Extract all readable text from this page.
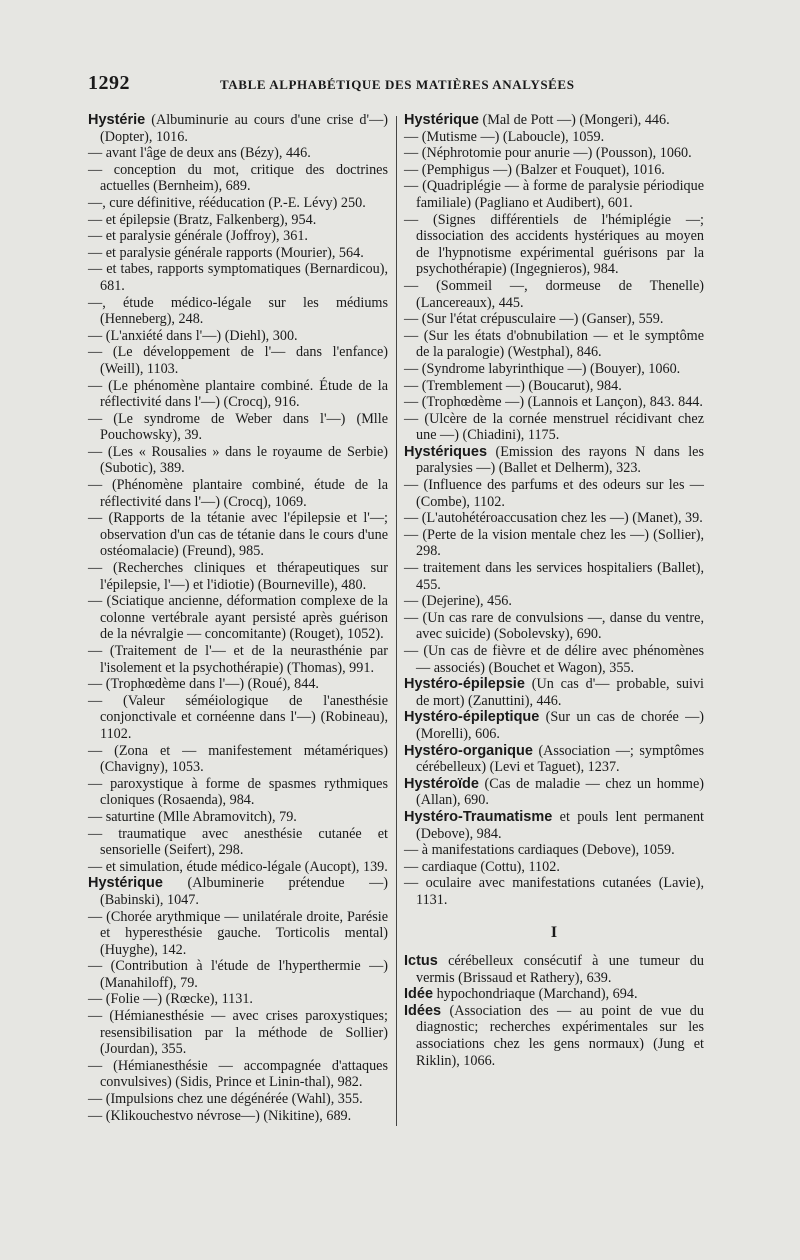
1292	TABLE ALPHABÉTIQUE DES MATIÈRES ANALYSÉES

Hystérie (Albuminurie au cours d'une crise d'—) (Dopter), 1016.

— avant l'âge de deux ans (Bézy), 446.

— conception du mot, critique des doctrines actuelles (Bernheim), 689.

—, cure définitive, rééducation (P.-E. Lévy) 250.

— et épilepsie (Bratz, Falkenberg), 954.

— et paralysie générale (Joffroy), 361.

— et paralysie générale rapports (Mourier), 564.

— et tabes, rapports symptomatiques (Bernardicou), 681.

—, étude médico-légale sur les médiums (Henneberg), 248.

— (L'anxiété dans l'—) (Diehl), 300.

— (Le développement de l'— dans l'enfance) (Weill), 1103.

— (Le phénomène plantaire combiné. Étude de la réflectivité dans l'—) (Crocq), 916.

— (Le syndrome de Weber dans l'—) (Mlle Pouchowsky), 39.

— (Les « Rousalies » dans le royaume de Serbie) (Subotic), 389.

— (Phénomène plantaire combiné, étude de la réflectivité dans l'—) (Crocq), 1069.

— (Rapports de la tétanie avec l'épilepsie et l'—; observation d'un cas de tétanie dans le cours d'une ostéomalacie) (Freund), 985.

— (Recherches cliniques et thérapeutiques sur l'épilepsie, l'—) et l'idiotie) (Bourneville), 480.

— (Sciatique ancienne, déformation complexe de la colonne vertébrale ayant persisté après guérison de la névralgie — concomitante) (Rouget), 1052).

— (Traitement de l'— et de la neurasthénie par l'isolement et la psychothérapie) (Thomas), 991.

— (Trophœdème dans l'—) (Roué), 844.

— (Valeur séméiologique de l'anesthésie conjonctivale et cornéenne dans l'—) (Robineau), 1102.

— (Zona et — manifestement métamériques) (Chavigny), 1053.

— paroxystique à forme de spasmes rythmiques cloniques (Rosaenda), 984.

— saturtine (Mlle Abramovitch), 79.

— traumatique avec anesthésie cutanée et sensorielle (Seifert), 298.

— et simulation, étude médico-légale (Aucopt), 139.

Hystérique (Albuminerie prétendue —) (Babinski), 1047.

— (Chorée arythmique — unilatérale droite, Parésie et hyperesthésie gauche. Torticolis mental) (Huyghe), 142.

— (Contribution à l'étude de l'hyperthermie —) (Manahiloff), 79.

— (Folie —) (Rœcke), 1131.

— (Hémianesthésie — avec crises paroxystiques; resensibilisation par la méthode de Sollier) (Jourdan), 355.

— (Hémianesthésie — accompagnée d'attaques convulsives) (Sidis, Prince et Linin-thal), 982.

— (Impulsions chez une dégénérée (Wahl), 355.

— (Klikouchestvo névrose—) (Nikitine), 689.

Hystérique (Mal de Pott —) (Mongeri), 446.

— (Mutisme —) (Laboucle), 1059.

— (Néphrotomie pour anurie —) (Pousson), 1060.

— (Pemphigus —) (Balzer et Fouquet), 1016.

— (Quadriplégie — à forme de paralysie périodique familiale) (Pagliano et Audibert), 601.

— (Signes différentiels de l'hémiplégie —; dissociation des accidents hystériques au moyen de l'hypnotisme expérimental guérisons par la psychothérapie) (Ingegnieros), 984.

— (Sommeil —, dormeuse de Thenelle) (Lancereaux), 445.

— (Sur l'état crépusculaire —) (Ganser), 559.

— (Sur les états d'obnubilation — et le symptôme de la paralogie) (Westphal), 846.

— (Syndrome labyrinthique —) (Bouyer), 1060.

— (Tremblement —) (Boucarut), 984.

— (Trophœdème —) (Lannois et Lançon), 843. 844.

— (Ulcère de la cornée menstruel récidivant chez une —) (Chiadini), 1175.

Hystériques (Emission des rayons N dans les paralysies —) (Ballet et Delherm), 323.

— (Influence des parfums et des odeurs sur les — (Combe), 1102.

— (L'autohétéroaccusation chez les —) (Manet), 39.

— (Perte de la vision mentale chez les —) (Sollier), 298.

— traitement dans les services hospitaliers (Ballet), 455.

— (Dejerine), 456.

— (Un cas rare de convulsions —, danse du ventre, avec suicide) (Sobolevsky), 690.

— (Un cas de fièvre et de délire avec phénomènes — associés) (Bouchet et Wagon), 355.

Hystéro-épilepsie (Un cas d'— probable, suivi de mort) (Zanuttini), 446.

Hystéro-épileptique (Sur un cas de chorée —) (Morelli), 606.

Hystéro-organique (Association —; symptômes cérébelleux) (Levi et Taguet), 1237.

Hystéroïde (Cas de maladie — chez un homme) (Allan), 690.

Hystéro-Traumatisme et pouls lent permanent (Debove), 984.

— à manifestations cardiaques (Debove), 1059.

— cardiaque (Cottu), 1102.

— oculaire avec manifestations cutanées (Lavie), 1131.

I

Ictus cérébelleux consécutif à une tumeur du vermis (Brissaud et Rathery), 639.

Idée hypochondriaque (Marchand), 694.

Idées (Association des — au point de vue du diagnostic; recherches expérimentales sur les associations chez les gens normaux) (Jung et Riklin), 1066.
